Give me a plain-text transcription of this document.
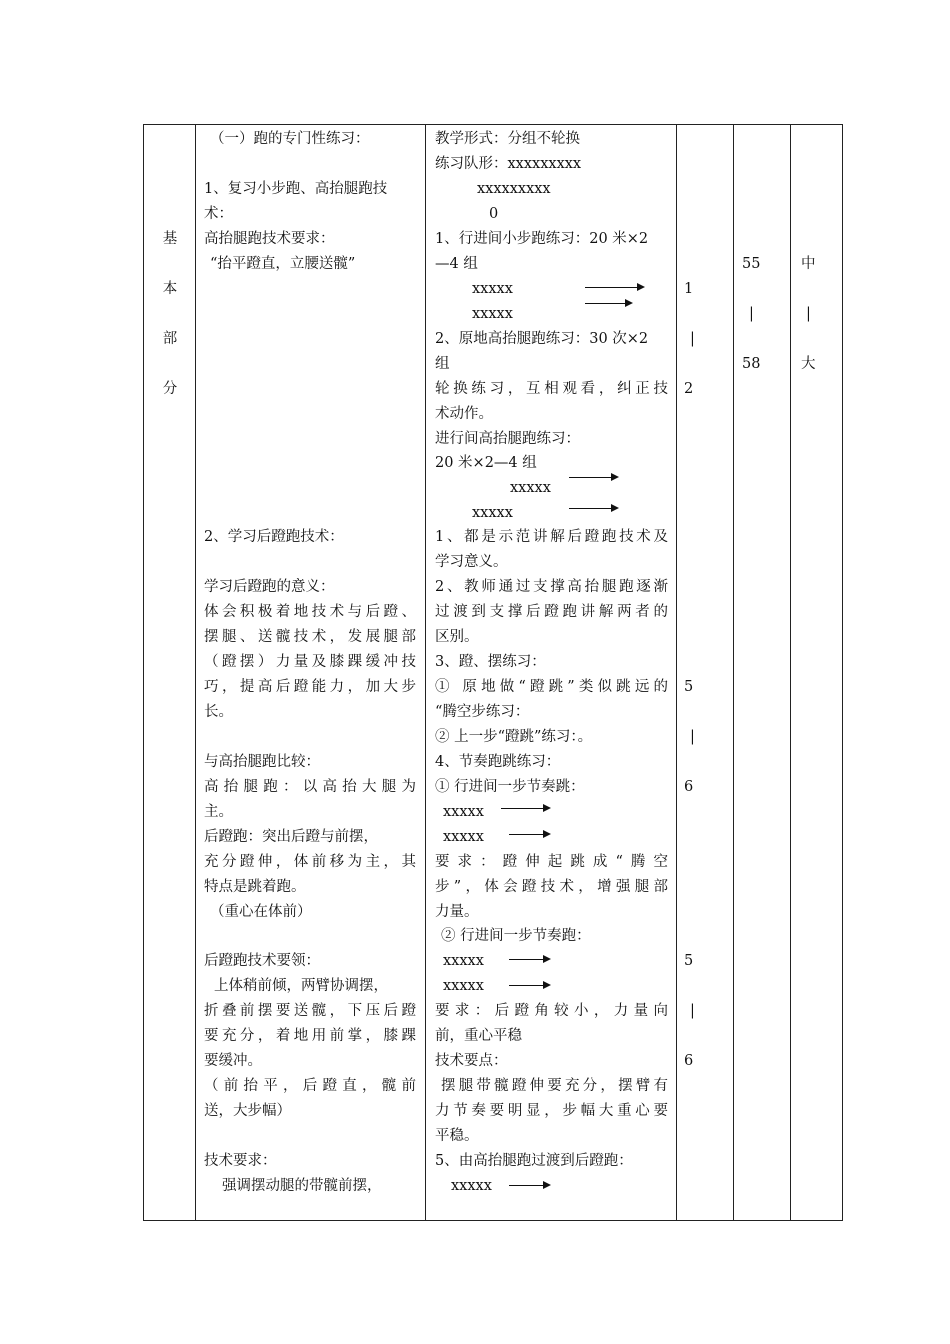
基
本
部
分
（一）跑的专门性练习：
1、复习小步跑、高抬腿跑技
术：
高抬腿跑技术要求：
“抬平蹬直，立腰送髋”
2、学习后蹬跑技术：
学习后蹬跑的意义：
体会积极着地技术与后蹬、
摆腿、送髋技术，发展腿部
（蹬摆）力量及膝踝缓冲技
巧，提高后蹬能力，加大步
长。
与高抬腿跑比较：
高抬腿跑：以高抬大腿为
主。
后蹬跑：突出后蹬与前摆，
充分蹬伸，体前移为主，其
特点是跳着跑。
（重心在体前）
后蹬跑技术要领：
上体稍前倾，两臂协调摆，
折叠前摆要送髋，下压后蹬
要充分，着地用前掌，膝踝
要缓冲。
（前抬平，后蹬直，髋前
送，大步幅）
技术要求：
强调摆动腿的带髋前摆，
教学形式：分组不轮换
练习队形：xxxxxxxxx
xxxxxxxxx
0
1、行进间小步跑练习：20 米×2
—4 组
xxxxx
xxxxx
2、原地高抬腿跑练习：30 次×2
组
轮换练习，互相观看，纠正技
术动作。
进行间高抬腿跑练习：
20 米×2—4 组
xxxxx
xxxxx
1、都是示范讲解后蹬跑技术及
学习意义。
2、教师通过支撑高抬腿跑逐渐
过渡到支撑后蹬跑讲解两者的
区别。
3、蹬、摆练习：
① 原地做“蹬跳”类似跳远的
“腾空步练习：
② 上一步“蹬跳”练习：。
4、节奏跑跳练习：
① 行进间一步节奏跳：
xxxxx
xxxxx
要求：蹬伸起跳成“腾空
步”，体会蹬技术，增强腿部
力量。
② 行进间一步节奏跑：
xxxxx
xxxxx
要求：后蹬角较小，力量向
前，重心平稳
技术要点：
摆腿带髋蹬伸要充分，摆臂有
力节奏要明显，步幅大重心要
平稳。
5、由高抬腿跑过渡到后蹬跑：
xxxxx
1
|
2
5
|
6
5
|
6
55
|
58
中
|
大
